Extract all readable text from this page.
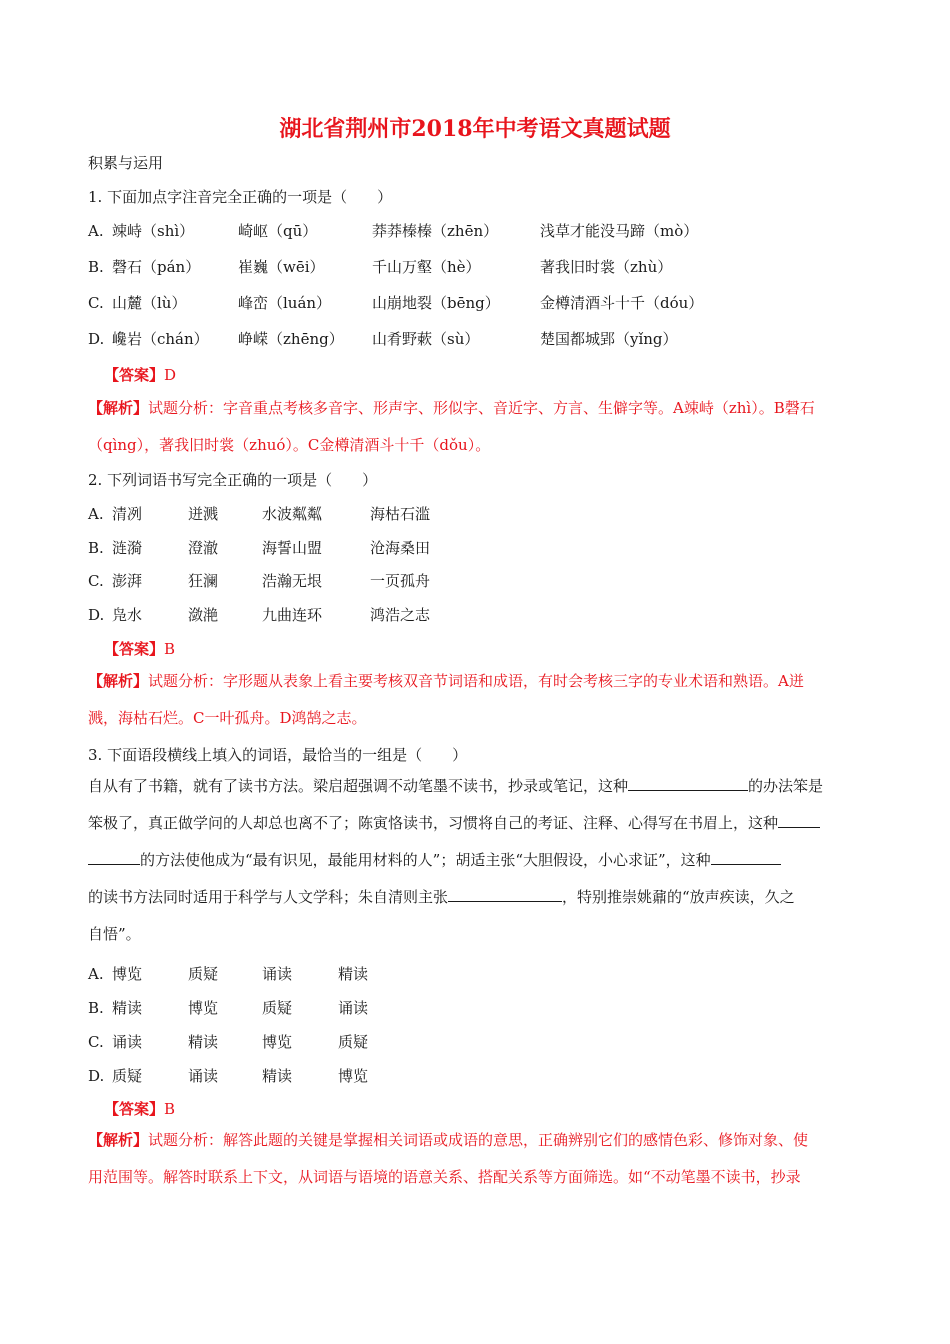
湖北省荆州市2018年中考语文真题试题
积累与运用
1. 下面加点字注音完全正确的一项是（　　）
A. 竦峙（shì）	崎岖（qū）	莽莽榛榛（zhēn）	浅草才能没马蹄（mò）
B. 磬石（pán）	崔巍（wēi）	千山万壑（hè）	著我旧时裳（zhù）
C. 山麓（lù）	峰峦（luán）	山崩地裂（bēng）	金樽清酒斗十千（dóu）
D. 巉岩（chán） 峥嵘（zhēng） 山肴野蔌（sù）	楚国都城郢（yǐng）
【答案】D
【解析】试题分析：字音重点考核多音字、形声字、形似字、音近字、方言、生僻字等。A竦峙（zhì）。B磬石
（qìng），著我旧时裳（zhuó）。C金樽清酒斗十千（dǒu）。
2. 下列词语书写完全正确的一项是（　　）
A. 清冽	迸溅	水波粼粼	海枯石滥
B. 涟漪	澄澈	海誓山盟	沧海桑田
C. 澎湃	狂澜	浩瀚无垠	一页孤舟
D. 凫水	潋滟	九曲连环	鸿浩之志
【答案】B
【解析】试题分析：字形题从表象上看主要考核双音节词语和成语，有时会考核三字的专业术语和熟语。A迸
溅，海枯石烂。C一叶孤舟。D鸿鹄之志。
3. 下面语段横线上填入的词语，最恰当的一组是（　　）
自从有了书籍，就有了读书方法。梁启超强调不动笔墨不读书，抄录或笔记，这种	的办法笨是
笨极了，真正做学问的人却总也离不了；陈寅恪读书，习惯将自己的考证、注释、心得写在书眉上，这种
的方法使他成为“最有识见，最能用材料的人”；胡适主张“大胆假设，小心求证”，这种
的读书方法同时适用于科学与人文学科；朱自清则主张	，特别推崇姚鼐的“放声疾读，久之
自悟”。
A. 博览	质疑	诵读	精读
B. 精读	博览	质疑	诵读
C. 诵读	精读	博览	质疑
D. 质疑	诵读	精读	博览
【答案】B
【解析】试题分析：解答此题的关键是掌握相关词语或成语的意思，正确辨别它们的感情色彩、修饰对象、使
用范围等。解答时联系上下文，从词语与语境的语意关系、搭配关系等方面筛选。如“不动笔墨不读书，抄录
